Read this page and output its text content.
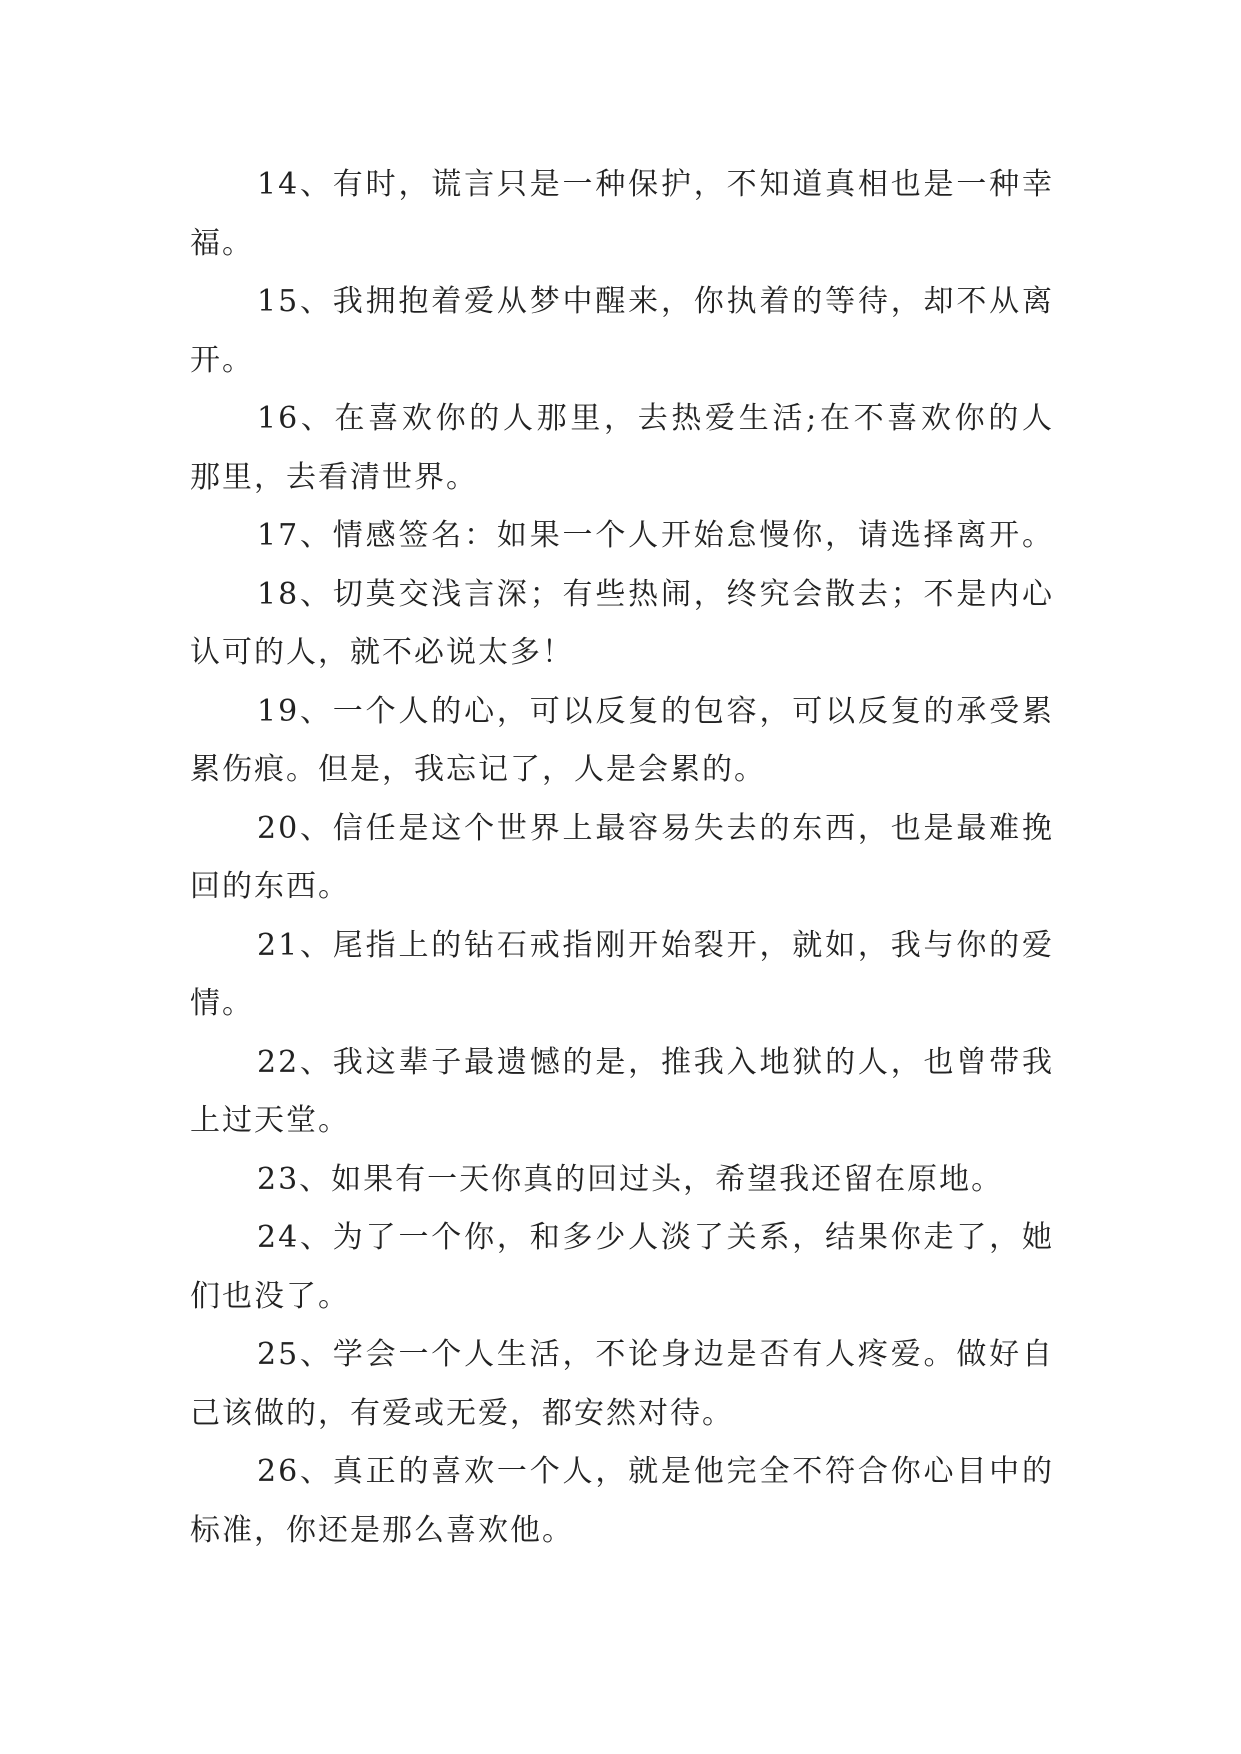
14、有时，谎言只是一种保护，不知道真相也是一种幸
福。
15、我拥抱着爱从梦中醒来，你执着的等待，却不从离
开。
16、在喜欢你的人那里，去热爱生活;在不喜欢你的人
那里，去看清世界。
17、情感签名：如果一个人开始怠慢你，请选择离开。
18、切莫交浅言深；有些热闹，终究会散去；不是内心
认可的人，就不必说太多！
19、一个人的心，可以反复的包容，可以反复的承受累
累伤痕。但是，我忘记了，人是会累的。
20、信任是这个世界上最容易失去的东西，也是最难挽
回的东西。
21、尾指上的钻石戒指刚开始裂开，就如，我与你的爱
情。
22、我这辈子最遗憾的是，推我入地狱的人，也曾带我
上过天堂。
23、如果有一天你真的回过头，希望我还留在原地。
24、为了一个你，和多少人淡了关系，结果你走了，她
们也没了。
25、学会一个人生活，不论身边是否有人疼爱。做好自
己该做的，有爱或无爱，都安然对待。
26、真正的喜欢一个人，就是他完全不符合你心目中的
标准，你还是那么喜欢他。
